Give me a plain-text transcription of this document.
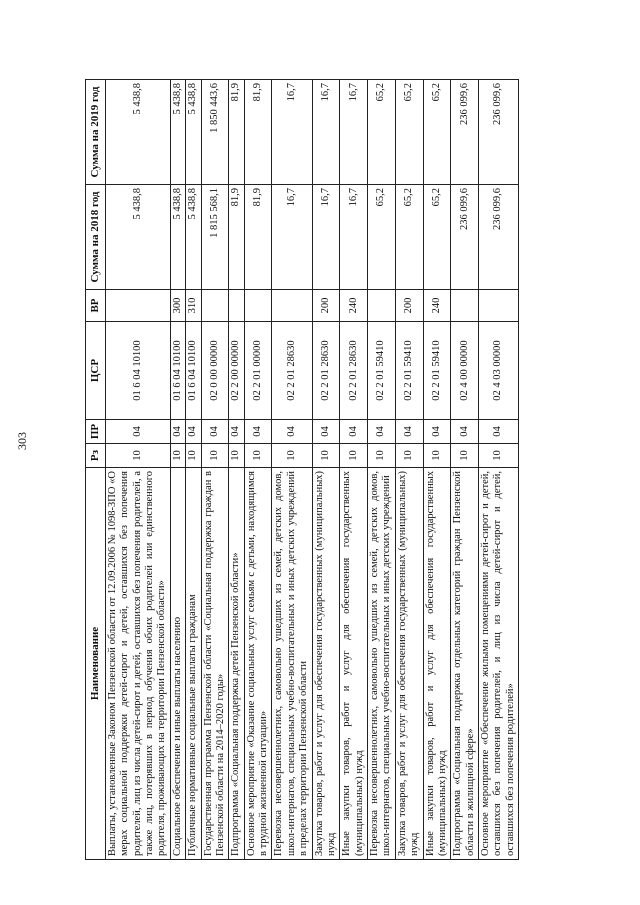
303
Наименование	Рз	ПР	ЦСР	ВР	Сумма на 2018 год	Сумма на 2019 год
Выплаты, установленные Законом Пензенской области от 12.09.2006 № 1098-ЗПО «О мерах социальной поддержки детей-сирот и детей, оставшихся без попечения родителей, лиц из числа детей-сирот и детей, оставшихся без попечения родителей, а также лиц, потерявших в период обучения обоих родителей или единственного родителя, проживающих на территории Пензенской области»	10	04	01 6 04 10100		5 438,8	5 438,8
Социальное обеспечение и иные выплаты населению	10	04	01 6 04 10100	300	5 438,8	5 438,8
Публичные нормативные социальные выплаты гражданам	10	04	01 6 04 10100	310	5 438,8	5 438,8
Государственная программа Пензенской области «Социальная поддержка граждан в Пензенской области на 2014–2020 годы»	10	04	02 0 00 00000		1 815 568,1	1 850 443,6
Подпрограмма «Социальная поддержка детей Пензенской области»	10	04	02 2 00 00000		81,9	81,9
Основное мероприятие «Оказание социальных услуг семьям с детьми, находящимся в трудной жизненной ситуации»	10	04	02 2 01 00000		81,9	81,9
Перевозка несовершеннолетних, самовольно ушедших из семей, детских домов, школ-интернатов, специальных учебно-воспитательных и иных детских учреждений в пределах территории Пензенской области	10	04	02 2 01 28630		16,7	16,7
Закупка товаров, работ и услуг для обеспечения государственных (муниципальных) нужд	10	04	02 2 01 28630	200	16,7	16,7
Иные закупки товаров, работ и услуг для обеспечения государственных (муниципальных) нужд	10	04	02 2 01 28630	240	16,7	16,7
Перевозка несовершеннолетних, самовольно ушедших из семей, детских домов, школ-интернатов, специальных учебно-воспитательных и иных детских учреждений	10	04	02 2 01 59410		65,2	65,2
Закупка товаров, работ и услуг для обеспечения государственных (муниципальных) нужд	10	04	02 2 01 59410	200	65,2	65,2
Иные закупки товаров, работ и услуг для обеспечения государственных (муниципальных) нужд	10	04	02 2 01 59410	240	65,2	65,2
Подпрограмма «Социальная поддержка отдельных категорий граждан Пензенской области в жилищной сфере»	10	04	02 4 00 00000		236 099,6	236 099,6
Основное мероприятие «Обеспечение жилыми помещениями детей-сирот и детей, оставшихся без попечения родителей, и лиц из числа детей-сирот и детей, оставшихся без попечения родителей»	10	04	02 4 03 00000		236 099,6	236 099,6
